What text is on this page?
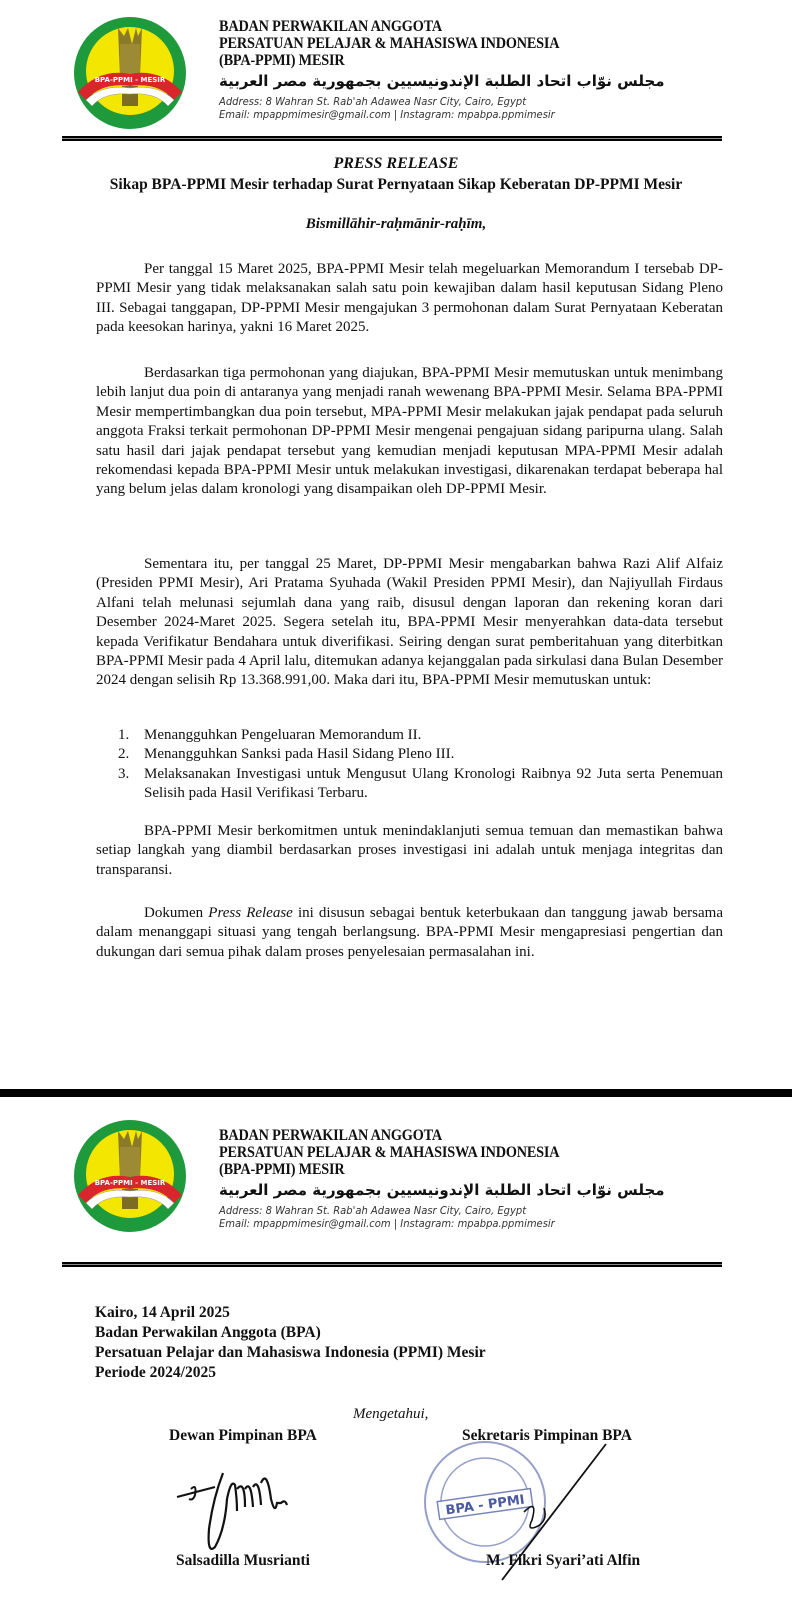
BPA-PPMI - MESIR
BADAN PERWAKILAN ANGGOTA
PERSATUAN PELAJAR & MAHASISWA INDONESIA
(BPA-PPMI) MESIR
مجلس نوّاب اتحاد الطلبة الإندونيسيين بجمهورية مصر العربية
Address: 8 Wahran St. Rab'ah Adawea Nasr City, Cairo, Egypt
Email: mpappmimesir@gmail.com | Instagram: mpabpa.ppmimesir
PRESS RELEASE
Sikap BPA-PPMI Mesir terhadap Surat Pernyataan Sikap Keberatan DP-PPMI Mesir
Bismillāhir-raḥmānir-raḥīm,
Per tanggal 15 Maret 2025, BPA-PPMI Mesir telah megeluarkan Memorandum I tersebab DP-PPMI Mesir yang tidak melaksanakan salah satu poin kewajiban dalam hasil keputusan Sidang Pleno III. Sebagai tanggapan, DP-PPMI Mesir mengajukan 3 permohonan dalam Surat Pernyataan Keberatan pada keesokan harinya, yakni 16 Maret 2025.
Berdasarkan tiga permohonan yang diajukan, BPA-PPMI Mesir memutuskan untuk menimbang lebih lanjut dua poin di antaranya yang menjadi ranah wewenang BPA-PPMI Mesir. Selama BPA-PPMI Mesir mempertimbangkan dua poin tersebut, MPA-PPMI Mesir melakukan jajak pendapat pada seluruh anggota Fraksi terkait permohonan DP-PPMI Mesir mengenai pengajuan sidang paripurna ulang. Salah satu hasil dari jajak pendapat tersebut yang kemudian menjadi keputusan MPA-PPMI Mesir adalah rekomendasi kepada BPA-PPMI Mesir untuk melakukan investigasi, dikarenakan terdapat beberapa hal yang belum jelas dalam kronologi yang disampaikan oleh DP-PPMI Mesir.
Sementara itu, per tanggal 25 Maret, DP-PPMI Mesir mengabarkan bahwa Razi Alif Alfaiz (Presiden PPMI Mesir), Ari Pratama Syuhada (Wakil Presiden PPMI Mesir), dan Najiyullah Firdaus Alfani telah melunasi sejumlah dana yang raib, disusul dengan laporan dan rekening koran dari Desember 2024-Maret 2025. Segera setelah itu, BPA-PPMI Mesir menyerahkan data-data tersebut kepada Verifikatur Bendahara untuk diverifikasi. Seiring dengan surat pemberitahuan yang diterbitkan BPA-PPMI Mesir pada 4 April lalu, ditemukan adanya kejanggalan pada sirkulasi dana Bulan Desember 2024 dengan selisih Rp 13.368.991,00. Maka dari itu, BPA-PPMI Mesir memutuskan untuk:
1. Menangguhkan Pengeluaran Memorandum II.
2. Menangguhkan Sanksi pada Hasil Sidang Pleno III.
3. Melaksanakan Investigasi untuk Mengusut Ulang Kronologi Raibnya 92 Juta serta Penemuan Selisih pada Hasil Verifikasi Terbaru.
BPA-PPMI Mesir berkomitmen untuk menindaklanjuti semua temuan dan memastikan bahwa setiap langkah yang diambil berdasarkan proses investigasi ini adalah untuk menjaga integritas dan transparansi.
Dokumen Press Release ini disusun sebagai bentuk keterbukaan dan tanggung jawab bersama dalam menanggapi situasi yang tengah berlangsung. BPA-PPMI Mesir mengapresiasi pengertian dan dukungan dari semua pihak dalam proses penyelesaian permasalahan ini.
BPA-PPMI - MESIR
BADAN PERWAKILAN ANGGOTA
PERSATUAN PELAJAR & MAHASISWA INDONESIA
(BPA-PPMI) MESIR
مجلس نوّاب اتحاد الطلبة الإندونيسيين بجمهورية مصر العربية
Address: 8 Wahran St. Rab'ah Adawea Nasr City, Cairo, Egypt
Email: mpappmimesir@gmail.com | Instagram: mpabpa.ppmimesir
Kairo, 14 April 2025
Badan Perwakilan Anggota (BPA)
Persatuan Pelajar dan Mahasiswa Indonesia (PPMI) Mesir
Periode 2024/2025
Mengetahui,
Dewan Pimpinan BPA
Salsadilla Musrianti
BPA - PPMI
Sekretaris Pimpinan BPA
M. Fikri Syari’ati Alfin
